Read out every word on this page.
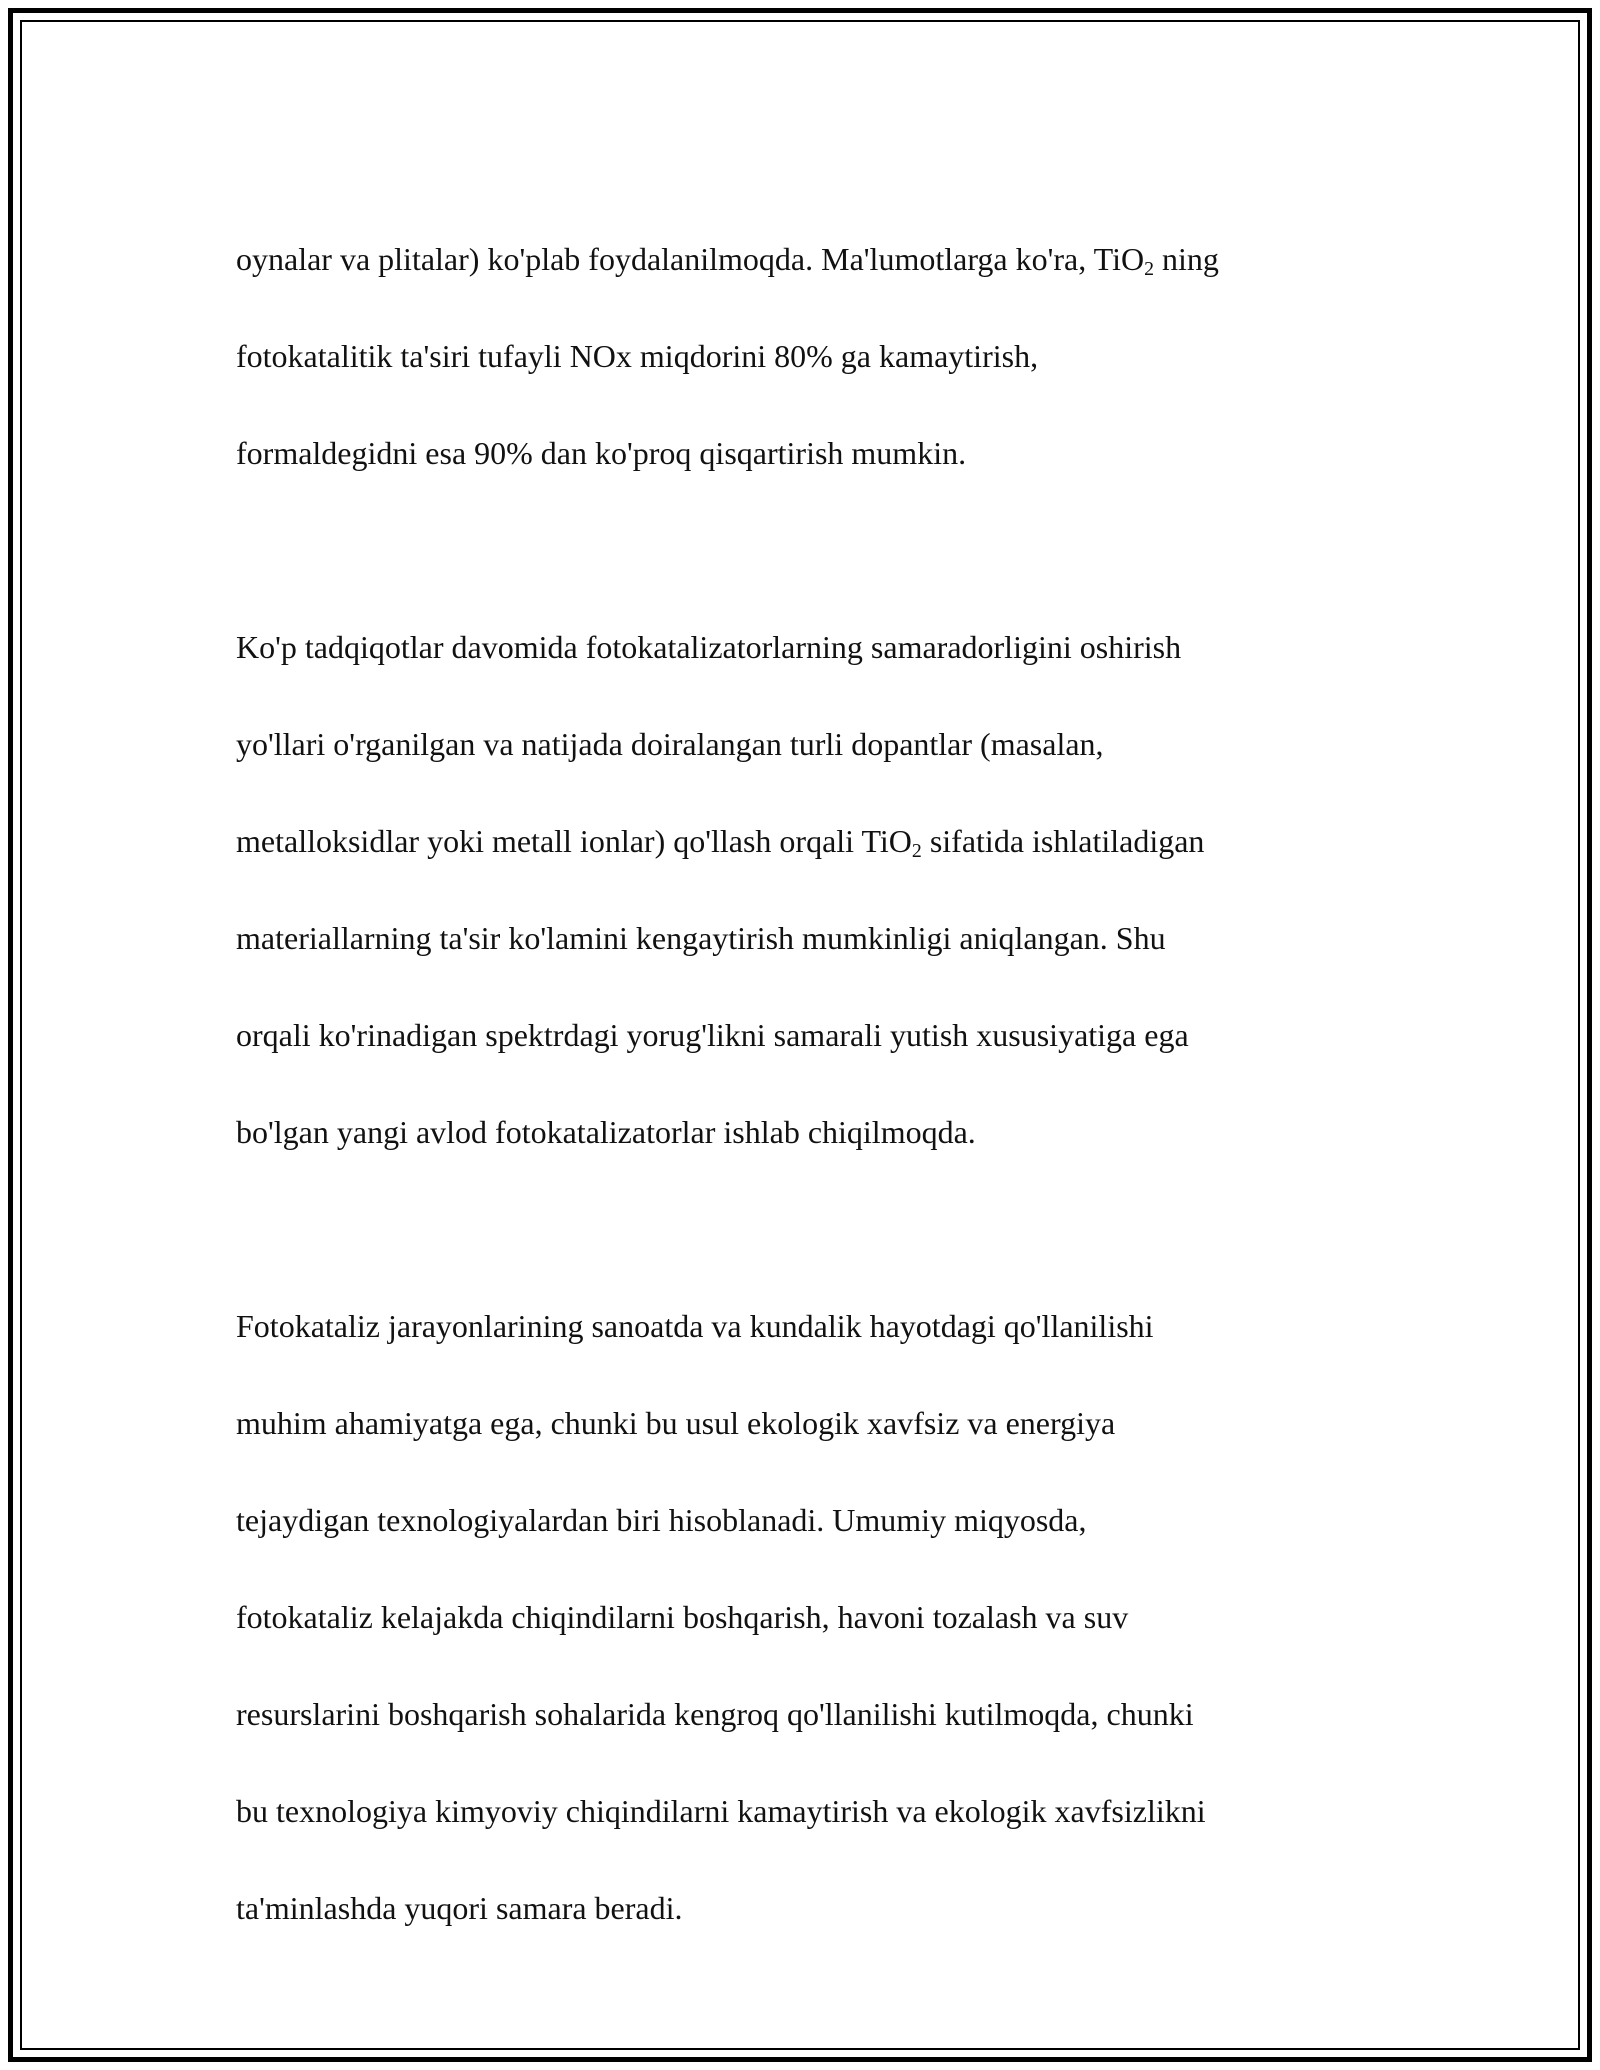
oynalar va plitalar) ko'plab foydalanilmoqda. Ma'lumotlarga ko'ra, TiO$_2$ ning

fotokatalitik ta'siri tufayli NOx miqdorini 80% ga kamaytirish,

formaldegidni esa 90% dan ko'proq qisqartirish mumkin.

Ko'p tadqiqotlar davomida fotokatalizatorlarning samaradorligini oshirish

yo'llari o'rganilgan va natijada doiralangan turli dopantlar (masalan,

metalloksidlar yoki metall ionlar) qo'llash orqali TiO$_2$ sifatida ishlatiladigan

materiallarning ta'sir ko'lamini kengaytirish mumkinligi aniqlangan. Shu

orqali ko'rinadigan spektrdagi yorug'likni samarali yutish xususiyatiga ega

bo'lgan yangi avlod fotokatalizatorlar ishlab chiqilmoqda.

Fotokataliz jarayonlarining sanoatda va kundalik hayotdagi qo'llanilishi

muhim ahamiyatga ega, chunki bu usul ekologik xavfsiz va energiya

tejaydigan texnologiyalardan biri hisoblanadi. Umumiy miqyosda,

fotokataliz kelajakda chiqindilarni boshqarish, havoni tozalash va suv

resurslarini boshqarish sohalarida kengroq qo'llanilishi kutilmoqda, chunki

bu texnologiya kimyoviy chiqindilarni kamaytirish va ekologik xavfsizlikni

ta'minlashda yuqori samara beradi.
